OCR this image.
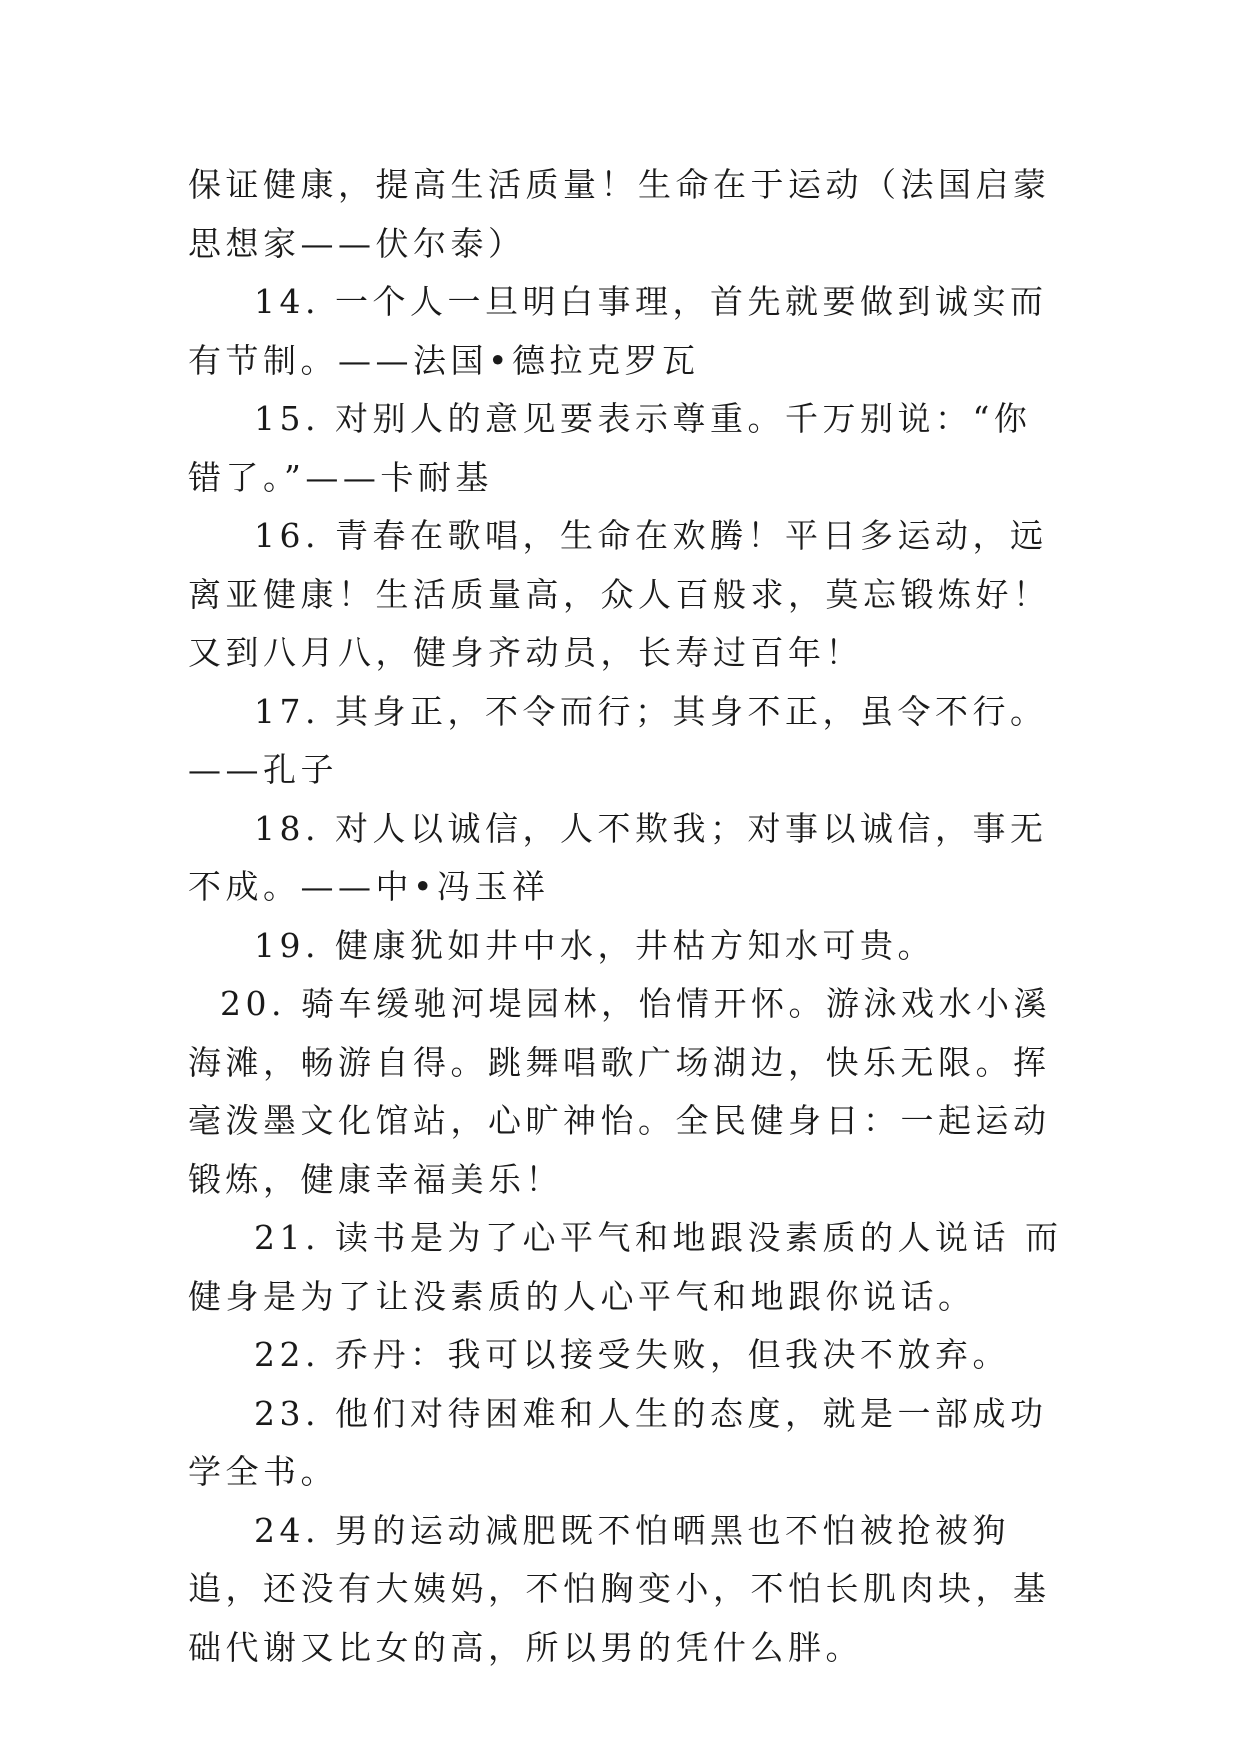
保证健康，提高生活质量！生命在于运动（法国启蒙思想家——伏尔泰）

14. 一个人一旦明白事理，首先就要做到诚实而有节制。——法国•德拉克罗瓦

15. 对别人的意见要表示尊重。千万别说：“你错了。”——卡耐基

16. 青春在歌唱，生命在欢腾！平日多运动，远离亚健康！生活质量高，众人百般求，莫忘锻炼好！又到八月八，健身齐动员，长寿过百年！

17. 其身正，不令而行；其身不正，虽令不行。——孔子

18. 对人以诚信，人不欺我；对事以诚信，事无不成。——中•冯玉祥

19. 健康犹如井中水，井枯方知水可贵。

20. 骑车缓驰河堤园林，怡情开怀。游泳戏水小溪海滩，畅游自得。跳舞唱歌广场湖边，快乐无限。挥毫泼墨文化馆站，心旷神怡。全民健身日：一起运动锻炼，健康幸福美乐！

21. 读书是为了心平气和地跟没素质的人说话 而健身是为了让没素质的人心平气和地跟你说话。

22. 乔丹：我可以接受失败，但我决不放弃。

23. 他们对待困难和人生的态度，就是一部成功学全书。

24. 男的运动减肥既不怕晒黑也不怕被抢被狗追，还没有大姨妈，不怕胸变小，不怕长肌肉块，基础代谢又比女的高，所以男的凭什么胖。
